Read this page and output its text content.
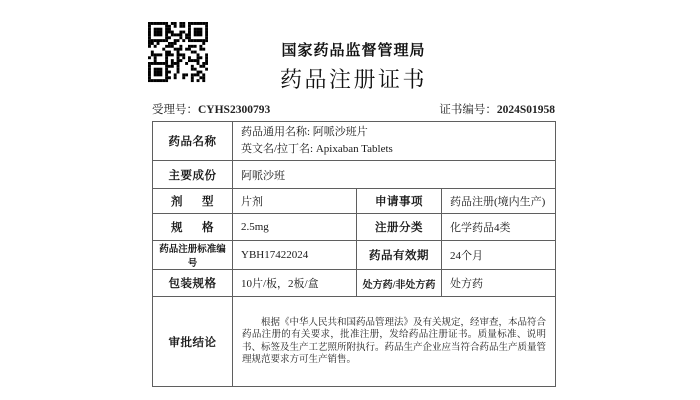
国家药品监督管理局
药品注册证书
受理号：CYHS2300793	证书编号：2024S01958
药品名称	药品通用名称: 阿哌沙班片
英文名/拉丁名: Apixaban Tablets		

主要成份	阿哌沙班		

剂型	片剂	申请事项	药品注册(境内生产)

规格	2.5mg	注册分类	化学药品4类
药品注册标准编号	YBH17422024	药品有效期	24个月
包装规格	10片/板，2板/盒	处方药/非处方药	处方药
审批结论	根据《中华人民共和国药品管理法》及有关规定，经审查，本品符合药品注册的有关要求，批准注册，发给药品注册证书。质量标准、说明书、标签及生产工艺照所附执行。药品生产企业应当符合药品生产质量管理规范要求方可生产销售。		
